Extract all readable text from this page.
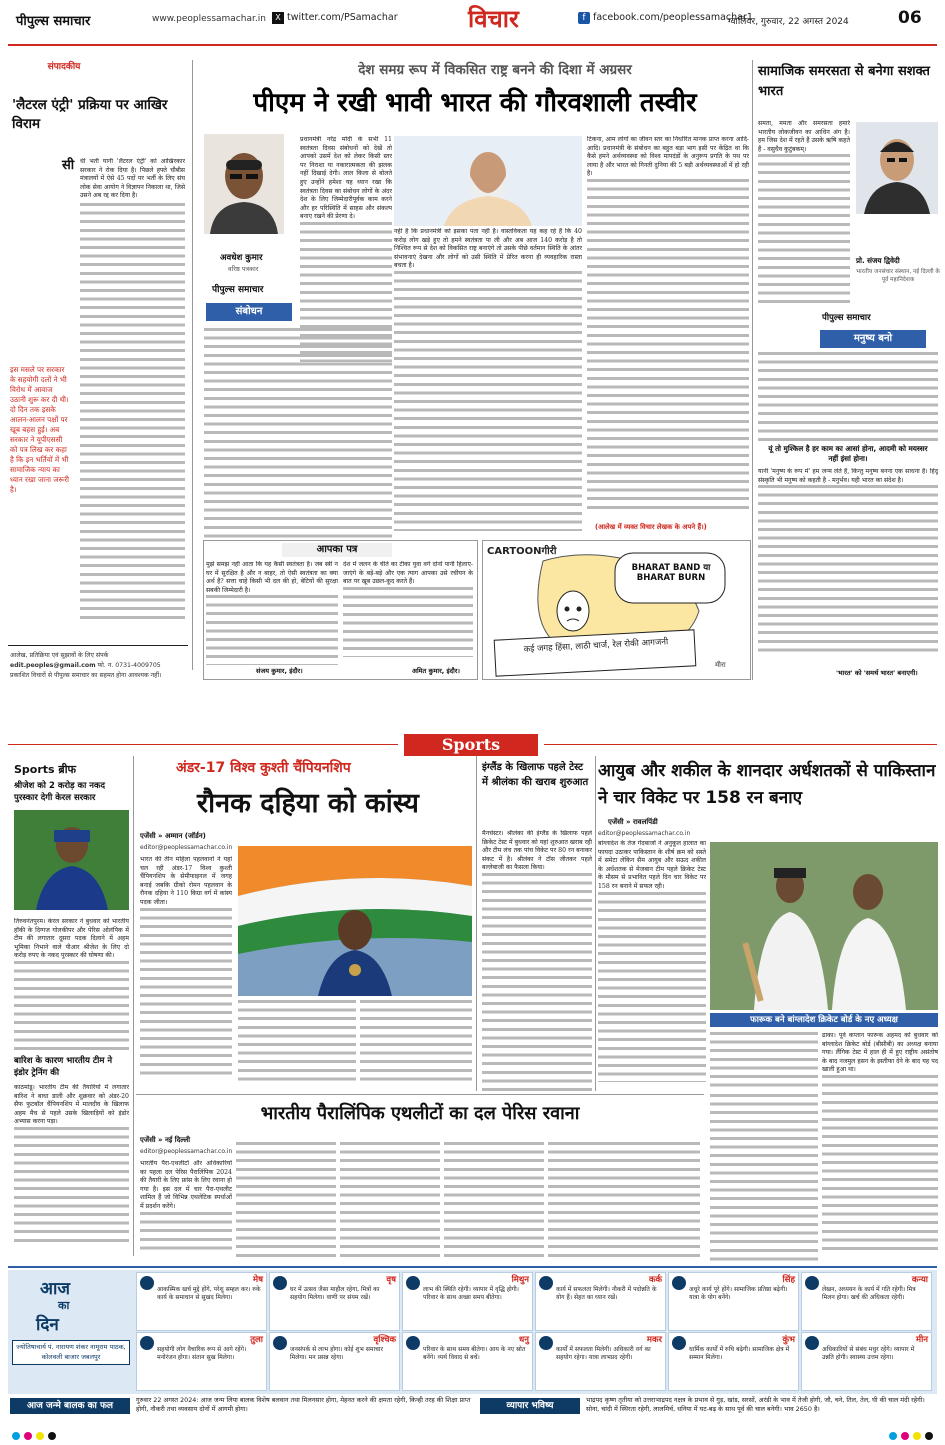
पीपुल्स समाचार	www.peoplessamachar.in	X twitter.com/PSamachar	विचार	f facebook.com/peoplessamachar1
ग्वालियर, गुरुवार, 22 अगस्त 2024	06
संपादकीय
'लैटरल एंट्री' प्रक्रिया पर आखिर विराम
सी धी भर्ती यानी 'लैटरल एंट्री' को आखिरकार सरकार ने रोक दिया है। पिछले हफ्ते चौबीस मंत्रालयों में ऐसे 45 पदों पर भर्ती के लिए संघ लोक सेवा आयोग ने विज्ञापन निकाला था, जिसे उसने अब रद्द कर दिया है।
इस मसले पर सरकार के सहयोगी दलों ने भी विरोध में आवाज उठानी शुरू कर दी थी। दो दिन तक इसके आलन-आलन पक्षों पर खूब बहस हुई। अब सरकार ने यूपीएससी को पत्र लिख कर कहा है कि इन भर्तियों में भी सामाजिक न्याय का ध्यान रखा जाना जरूरी है।
आलेख, प्रतिक्रिया एवं सुझावों के लिए संपर्क
edit.peoples@gmail.com फो. न. 0731-4009705
प्रकाशित विचारों से पीपुल्स समाचार का सहमत होना आवश्यक नहीं।
देश समग्र रूप में विकसित राष्ट्र बनने की दिशा में अग्रसर
पीएम ने रखी भावी भारत की गौरवशाली तस्वीर
अवधेश कुमार
वरिष्ठ पत्रकार
पीपुल्स समाचार
संबोधन
प्रधानमंत्री नरेंद्र मोदी के सभी 11 स्वतंत्रता दिवस संबोधनों को देखें तो आपको उसमें देश को लेकर किसी स्तर पर निराशा या नकारात्मकता की झलक नहीं दिखाई देगी। लाल किला से बोलते हुए उन्होंने हमेशा यह ध्यान रखा कि स्वतंत्रता दिवस का संबोधन लोगों के अंदर देश के लिए जिम्मेदारीपूर्वक काम करने और हर परिस्थिति में साहस और संकल्प बनाए रखने की प्रेरणा दे।
नहीं है कि प्रधानमंत्री को इसका पता नहीं है। वास्तविकता यह कह रहे हैं कि 40 करोड़ लोग खड़े हुए तो हमने स्वतंत्रता पा ली और अब आज 140 करोड़ है तो निश्चित रूप से देश को विकसित राष्ट्र बनाएंगे तो उसके पीछे वर्तमान स्थिति के आंतर संभावनाएं देखना और लोगों को उसी स्थिति में प्रेरित करना ही व्यवहारिक रास्ता बचता है।
टिकना, आम लोगों का जीवन स्तर का निर्धारित मानक प्राप्त करना आदि-आदि। प्रधानमंत्री के संबोधन का बहुत बड़ा भाग इसी पर केंद्रित था कि कैसे हमने अर्थव्यवस्था को विश्व मापदंडों के अनुरूप प्रगति के पथ पर लाया है और भारत को गिनती दुनिया की 5 बड़ी अर्थव्यवस्थाओं में हो रही है।
(आलेख में व्यक्त विचार लेखक के अपने हैं।)
आपका पत्र
मुझे समझ नहीं आता कि यह कैसी स्वतंत्रता है। जब स्त्री न घर में सुरक्षित है और न बाहर, तो ऐसी स्वतंत्रता का क्या अर्थ है? सत्ता चाहे किसी भी दल की हो, बेटियों की सुरक्षा सबकी जिम्मेदारी है।
संजय कुमार, इंदौर।
देश में जलन के चीते का टीका युवा वर्ग दोनों पानी हिलाए-जाएंगे के बड़े-बड़े और एक त्याग आपका उसे रचीयन के बात पर खूब उछल-कूद करते हैं।
अमित कुमार, इंदौर।
CARTOONगीरी
BHARAT BAND या BHARAT BURN
कई जगह हिंसा, लाठी चार्ज, रेल रोकी आगजनी
मीरा
सामाजिक समरसता से बनेगा सशक्त भारत
समता, ममता और समरसता हमारे भारतीय लोकजीवन का आधिन अंग है। हम जिस देश में रहते हैं उसके ऋषि कहते हैं - वसुधैव कुटुंबकम्।
प्रो. संजय द्विवेदी
भारतीय जनसंचार संस्थान, नई दिल्ली के पूर्व महानिदेशक
पीपुल्स समाचार
मनुष्य बनो
यूं तो मुश्किल है हर काम का आसां होना, आदमी को मयस्सर नहीं इंसां होना।
यानी 'मनुष्य के रूप में' हम जन्म लेते हैं, किन्तु मनुष्य बनना एक साधना है। हिंदू संस्कृति भी मनुष्य को कहती है - मनुर्भव। यही भारत का संदेश है।
'भारत' को 'समर्थ भारत' बनाएगी।
Sports
Sports ब्रीफ
श्रीजेश को 2 करोड़ का नकद पुरस्कार देगी केरल सरकार
तिरुवनंतपुरम। केरल सरकार ने बुधवार को भारतीय हॉकी के दिग्गज गोलकीपर और पेरिस ओलंपिक में टीम की लगातार दूसरा पदक दिलाने में अहम भूमिका निभाने वाले पीआर श्रीजेश के लिए दो करोड़ रुपए के नकद पुरस्कार की घोषणा की।
बारिश के कारण भारतीय टीम ने इंडोर ट्रेनिंग की
काठमांडू। भारतीय टीम की तैयारियों में लगातार बारिश ने बाधा डाली और शुक्रवार को अंडर-20 सैफ फुटबॉल चैंपियनशिप में मालदीव के खिलाफ अहम मैच से पहले उसके खिलाड़ियों को इंडोर अभ्यास करना पड़ा।
अंडर-17 विश्व कुश्ती चैंपियनशिप
रौनक दहिया को कांस्य
एजेंसी » अम्मान (जॉर्डन)
editor@peoplessamachar.co.in
भारत की तीन महिला पहलवानों ने यहां चल रही अंडर-17 विश्व कुश्ती चैंपियनशिप के सेमीफाइनल में जगह बनाई जबकि ग्रीको रोमन पहलवान के रौनक दहिया ने 110 किग्रा वर्ग में कांस्य पदक जीता।
इंग्लैंड के खिलाफ पहले टेस्ट में श्रीलंका की खराब शुरुआत
मैनचेस्टर। श्रीलंका की इंग्लैंड के खिलाफ पहले क्रिकेट टेस्ट में बुधवार को यहां शुरुआत खराब रही और टीम लंच तक पांच विकेट पर 80 रन बनाकर संकट में है। श्रीलंका ने टॉस जीतकर पहले बल्लेबाजी का फैसला किया।
आयुब और शकील के शानदार अर्धशतकों से पाकिस्तान ने चार विकेट पर 158 रन बनाए
एजेंसी » रावलपिंडी
editor@peoplessamachar.co.in
बांग्लादेश के तेज गेंदबाजों ने अनुकूल हालात का फायदा उठाकर पाकिस्तान के शीर्ष क्रम को सस्ते में समेटा लेकिन सैम आयुब और सऊद शकील के अर्धशतक से मेजबान टीम पहले क्रिकेट टेस्ट के मौसम से प्रभावित पहले दिन चार विकेट पर 158 रन बनाने में सफल रही।
फारूक बने बांग्लादेश क्रिकेट बोर्ड के नए अध्यक्ष
ढाका। पूर्व कप्तान फारूक अहमद को बुधवार को बांग्लादेश क्रिकेट बोर्ड (बीसीबी) का अध्यक्ष बनाया गया। लैंगिक टेस्ट में हाल ही में हुए राष्ट्रीय असंतोष के बाद नजमुल हसन के इस्तीफा देने के बाद यह पद खाली हुआ था।
भारतीय पैरालिंपिक एथलीटों का दल पेरिस रवाना
एजेंसी » नई दिल्ली
editor@peoplessamachar.co.in
भारतीय पैरा-एथलीटों और अधिकारियों का पहला दल पेरिस पैरालिंपिक 2024 की तैयारी के लिए फ्रांस के लिए रवाना हो गया है। इस दल में चार पैरा-एथलीट शामिल हैं जो विभिन्न एथलेटिक स्पर्धाओं में प्रदर्शन करेंगे।
आज
का
दिन
ज्योतिषाचार्य पं. नारायण शंकर नामूराम पाठक, कोलवली बाजार जबलपुर
मेष
आकस्मिक खर्च मुद्दे होंगे, परेशु सम्हल कर। रुके कार्य के समाधान से सुखद मिलेगा।
वृष
घर में उत्सव जैसा माहौल रहेगा, मित्रों का सहयोग मिलेगा। वाणी पर संयम रखें।
मिथुन
लाभ की स्थिति रहेगी। व्यापार में वृद्धि होगी। परिवार के साथ अच्छा समय बीतेगा।
कर्क
कार्य में सफलता मिलेगी। नौकरी में पदोन्नति के योग हैं। सेहत का ध्यान रखें।
सिंह
अधूरे कार्य पूरे होंगे। सामाजिक प्रतिष्ठा बढ़ेगी। यात्रा के योग बनेंगे।
कन्या
लेखन, अध्ययन के कार्य में गति रहेगी। मित्र मिलन होगा। खर्च की अधिकता रहेगी।
तुला
सहयोगी लोग वैचारिक रूप से आगे रहेंगे। मनोरंजन होगा। संतान सुख मिलेगा।
वृश्चिक
जनसंपर्क से लाभ होगा। कोई शुभ समाचार मिलेगा। मन प्रसन्न रहेगा।
धनु
परिवार के साथ समय बीतेगा। आय के नए स्रोत बनेंगे। व्यर्थ विवाद से बचें।
मकर
कार्यों में सफलता मिलेगी। अधिकारी वर्ग का सहयोग रहेगा। यात्रा लाभप्रद रहेगी।
कुंभ
धार्मिक कार्यों में रुचि बढ़ेगी। सामाजिक क्षेत्र में सम्मान मिलेगा।
मीन
अधिकारियों से संबंध मधुर रहेंगे। व्यापार में उन्नति होगी। स्वास्थ्य उत्तम रहेगा।
आज जन्मे बालक का फल
गुरुवार 22 अगस्त 2024: आज जन्म लिया बालक विशेष बलवान तथा मिलनसार होगा, मेहनत करने की क्षमता रहेगी, किन्ही तरह की शिक्षा प्राप्त होगी, नौकरी तथा व्यवसाय दोनों में आगमी होगा।	व्यापार भविष्य
भाद्रपद कृष्ण तृतीया को उत्तराभाद्रपद नक्षत्र के प्रभाव से गुड़, खांड, सरसों, अरंडी के भाव में तेजी होगी, जौ, चने, तिल, तेल, घी की चाल मंदी रहेगी। सोना, चांदी में स्थिरता रहेगी, लालमिर्च, धनिया में घट-बढ़ के साथ पूर्व की चाल बनेगी। भाव 2650 है।
